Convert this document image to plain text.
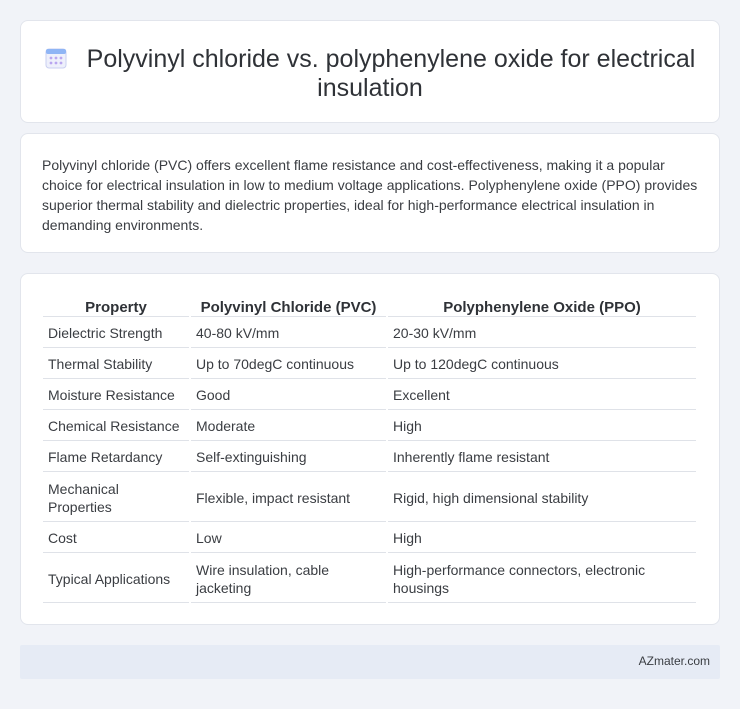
Polyvinyl chloride vs. polyphenylene oxide for electrical insulation

Polyvinyl chloride (PVC) offers excellent flame resistance and cost-effectiveness, making it a popular choice for electrical insulation in low to medium voltage applications. Polyphenylene oxide (PPO) provides superior thermal stability and dielectric properties, ideal for high-performance electrical insulation in demanding environments.

Property	Polyvinyl Chloride (PVC)	Polyphenylene Oxide (PPO)
Dielectric Strength	40-80 kV/mm	20-30 kV/mm
Thermal Stability	Up to 70degC continuous	Up to 120degC continuous
Moisture Resistance	Good	Excellent
Chemical Resistance	Moderate	High
Flame Retardancy	Self-extinguishing	Inherently flame resistant
Mechanical Properties	Flexible, impact resistant	Rigid, high dimensional stability
Cost	Low	High
Typical Applications	Wire insulation, cable jacketing	High-performance connectors, electronic housings
AZmater.com
